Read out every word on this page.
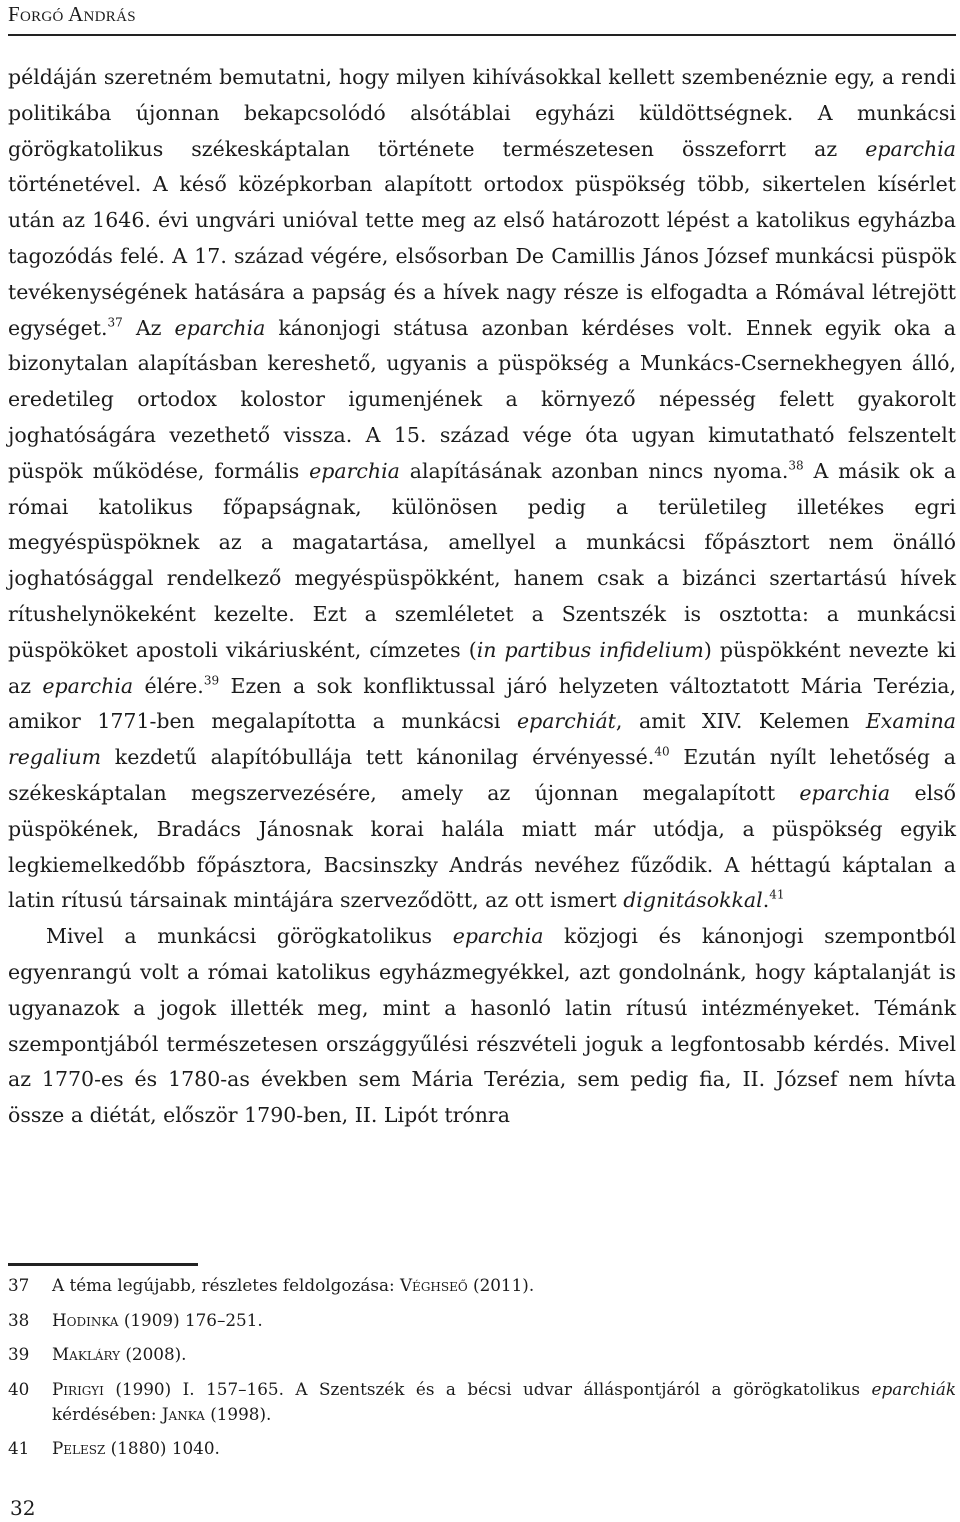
Forgó András

példáján szeretném bemutatni, hogy milyen kihívásokkal kellett szembenéznie egy, a rendi politikába újonnan bekapcsolódó alsótáblai egyházi küldöttségnek. A munkácsi görögkatolikus székeskáptalan története természetesen összeforrt az eparchia történetével. A késő középkorban alapított ortodox püspökség több, sikertelen kísérlet után az 1646. évi ungvári unióval tette meg az első határozott lépést a katolikus egyházba tagozódás felé. A 17. század végére, elsősorban De Camillis János József munkácsi püspök tevékenységének hatására a papság és a hívek nagy része is elfogadta a Rómával létrejött egységet.$^{37}$ Az eparchia kánonjogi státusa azonban kérdéses volt. Ennek egyik oka a bizonytalan alapításban kereshető, ugyanis a püspökség a Munkács-Csernekhegyen álló, eredetileg ortodox kolostor igumenjének a környező népesség felett gyakorolt joghatóságára vezethető vissza. A 15. század vége óta ugyan kimutatható felszentelt püspök működése, formális eparchia alapításának azonban nincs nyoma.$^{38}$ A másik ok a római katolikus főpapságnak, különösen pedig a területileg illetékes egri megyéspüspöknek az a magatartása, amellyel a munkácsi főpásztort nem önálló joghatósággal rendelkező megyéspüspökként, hanem csak a bizánci szertartású hívek rítushelynökeként kezelte. Ezt a szemléletet a Szentszék is osztotta: a munkácsi püspököket apostoli vikáriusként, címzetes (in partibus infidelium) püspökként nevezte ki az eparchia élére.$^{39}$ Ezen a sok konfliktussal járó helyzeten változtatott Mária Terézia, amikor 1771-ben megalapította a munkácsi eparchiát, amit XIV. Kelemen Examina regalium kezdetű alapítóbullája tett kánonilag érvényessé.$^{40}$ Ezután nyílt lehetőség a székeskáptalan megszervezésére, amely az újonnan megalapított eparchia első püspökének, Bradács Jánosnak korai halála miatt már utódja, a püspökség egyik legkiemelkedőbb főpásztora, Bacsinszky András nevéhez fűződik. A héttagú káptalan a latin rítusú társainak mintájára szerveződött, az ott ismert dignitásokkal.$^{41}$

Mivel a munkácsi görögkatolikus eparchia közjogi és kánonjogi szempontból egyenrangú volt a római katolikus egyházmegyékkel, azt gondolnánk, hogy káptalanját is ugyanazok a jogok illették meg, mint a hasonló latin rítusú intézményeket. Témánk szempontjából természetesen országgyűlési részvételi joguk a legfontosabb kérdés. Mivel az 1770-es és 1780-as években sem Mária Terézia, sem pedig fia, II. József nem hívta össze a diétát, először 1790-ben, II. Lipót trónra

37	A téma legújabb, részletes feldolgozása: Véghseő (2011).
38	Hodinka (1909) 176–251.
39	Makláry (2008).
40	Pirigyi (1990) I. 157–165. A Szentszék és a bécsi udvar álláspontjáról a görögkatolikus eparchiák kérdésében: Janka (1998).
41	Pelesz (1880) 1040.
32
